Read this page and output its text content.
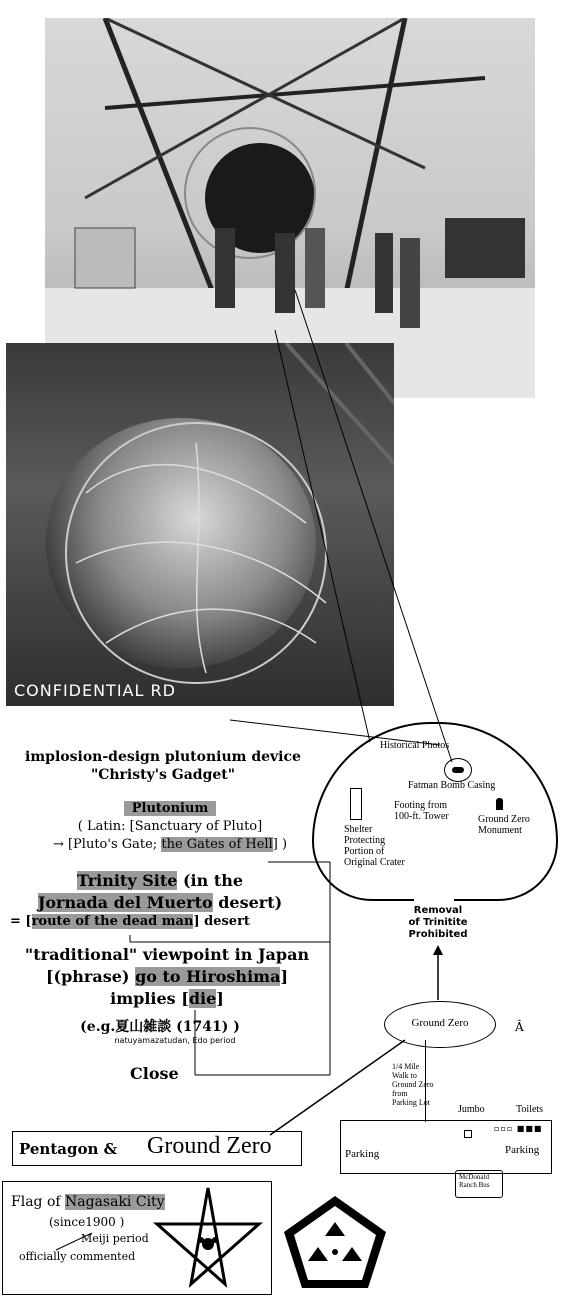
CONFIDENTIAL RD
implosion-design plutonium device
"Christy's Gadget"
Plutonium
( Latin: [Sanctuary of Pluto]
→ [Pluto's Gate; the Gates of Hell] )
Trinity Site (in the
Jornada del Muerto desert)
= [route of the dead man] desert
"traditional" viewpoint in Japan
[(phrase) go to Hiroshima]
implies [die]
(e.g.夏山雑談 (1741) )
natuyamazatudan, Edo period
Close
Pentagon & Ground Zero
Flag of Nagasaki City
(since1900 )
Meiji period
officially commented
Historical Photos
Fatman Bomb Casing
Footing from
100-ft. Tower	Ground Zero
Monument
Shelter
Protecting
Portion of
Original Crater
Removal
of Trinitite
Prohibited
Ground Zero	Â
Parking	Parking
1/4 Mile
Walk to
Ground Zero
from
Parking Lot
Jumbo	Toilets
▫▫▫ ■■■
McDonald
Ranch Bus
